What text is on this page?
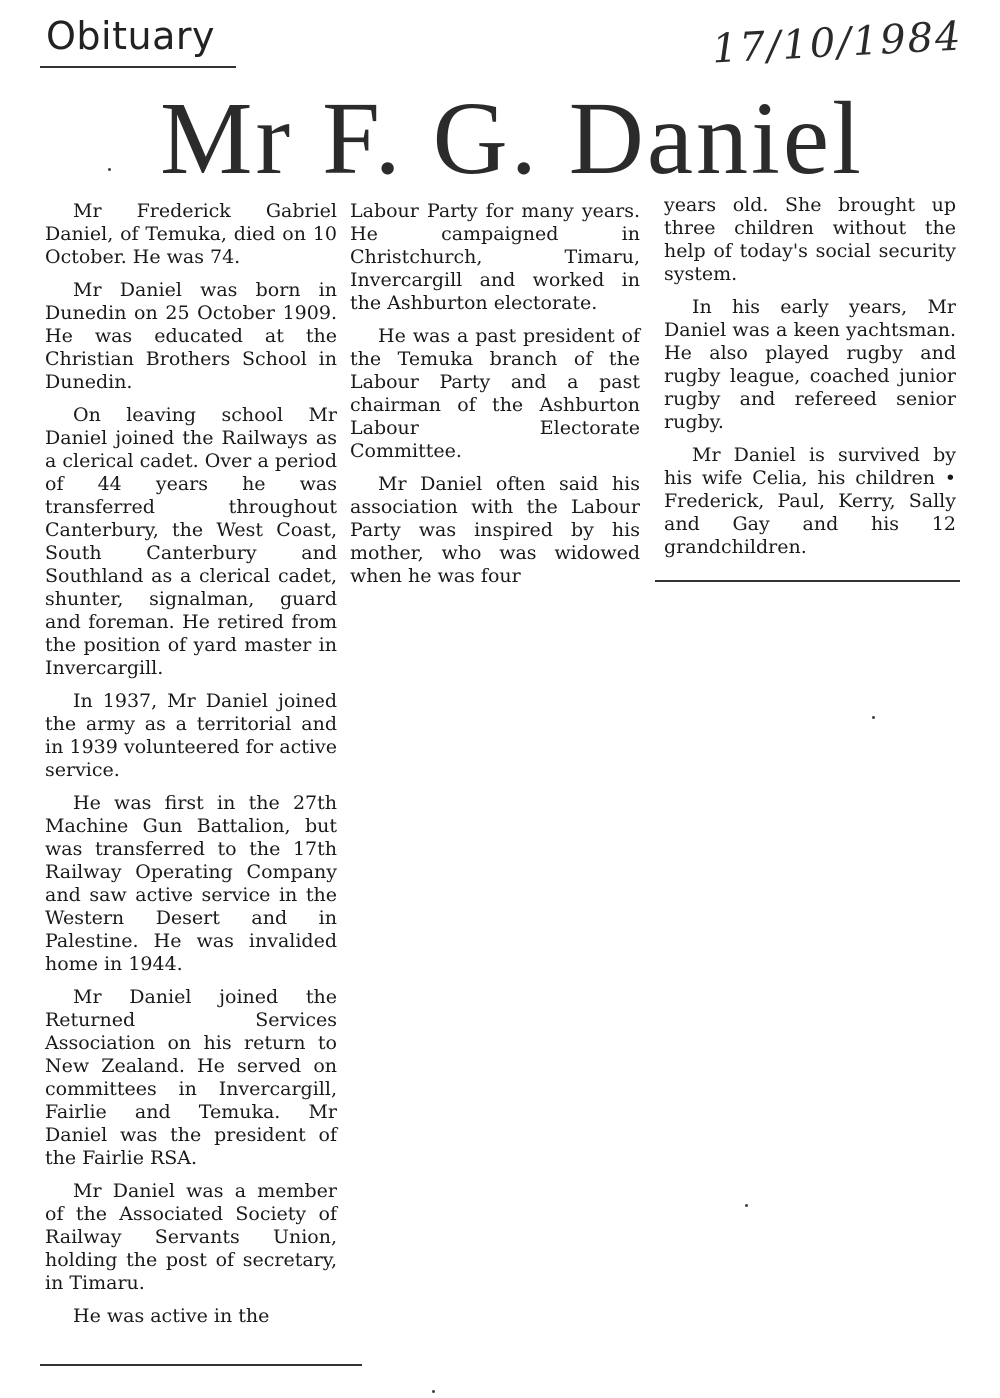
Obituary	17/10/1984
Mr F. G. Daniel

Mr Frederick Gabriel Daniel, of Temuka, died on 10 October. He was 74.

Mr Daniel was born in Dunedin on 25 October 1909. He was educated at the Christian Brothers School in Dunedin.

On leaving school Mr Daniel joined the Railways as a clerical cadet. Over a period of 44 years he was transferred throughout Canterbury, the West Coast, South Canterbury and Southland as a clerical cadet, shunter, signalman, guard and foreman. He retired from the position of yard master in Invercargill.

In 1937, Mr Daniel joined the army as a territorial and in 1939 volunteered for active service.

He was first in the 27th Machine Gun Battalion, but was transferred to the 17th Railway Operating Company and saw active service in the Western Desert and in Palestine. He was invalided home in 1944.

Mr Daniel joined the Returned Services Association on his return to New Zealand. He served on committees in Invercargill, Fairlie and Temuka. Mr Daniel was the president of the Fairlie RSA.

Mr Daniel was a member of the Associated Society of Railway Servants Union, holding the post of secretary, in Timaru.

He was active in the

Labour Party for many years. He campaigned in Christchurch, Timaru, Invercargill and worked in the Ashburton electorate.

He was a past president of the Temuka branch of the Labour Party and a past chairman of the Ashburton Labour Electorate Committee.

Mr Daniel often said his association with the Labour Party was inspired by his mother, who was widowed when he was four

years old. She brought up three children without the help of today's social security system.

In his early years, Mr Daniel was a keen yachtsman. He also played rugby and rugby league, coached junior rugby and refereed senior rugby.

Mr Daniel is survived by his wife Celia, his children • Frederick, Paul, Kerry, Sally and Gay and his 12 grandchildren.
